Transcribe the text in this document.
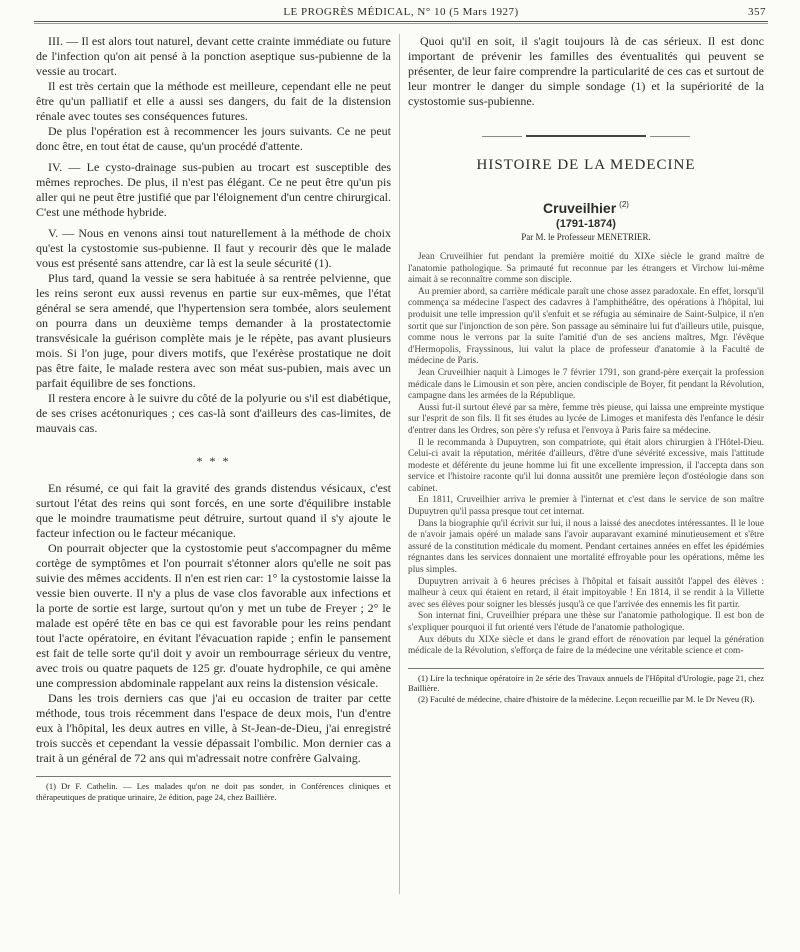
LE PROGRÈS MÉDICAL, N° 10 (5 Mars 1927)	357

III. — Il est alors tout naturel, devant cette crainte immédiate ou future de l'infection qu'on ait pensé à la ponction aseptique sus-pubienne de la vessie au trocart.

Il est très certain que la méthode est meilleure, cependant elle ne peut être qu'un palliatif et elle a aussi ses dangers, du fait de la distension rénale avec toutes ses conséquences futures.

De plus l'opération est à recommencer les jours suivants. Ce ne peut donc être, en tout état de cause, qu'un procédé d'attente.

IV. — Le cysto-drainage sus-pubien au trocart est susceptible des mêmes reproches. De plus, il n'est pas élégant. Ce ne peut être qu'un pis aller qui ne peut être justifié que par l'éloignement d'un centre chirurgical. C'est une méthode hybride.

V. — Nous en venons ainsi tout naturellement à la méthode de choix qu'est la cystostomie sus-pubienne. Il faut y recourir dès que le malade vous est présenté sans attendre, car là est la seule sécurité (1).

Plus tard, quand la vessie se sera habituée à sa rentrée pelvienne, que les reins seront eux aussi revenus en partie sur eux-mêmes, que l'état général se sera amendé, que l'hypertension sera tombée, alors seulement on pourra dans un deuxième temps demander à la prostatectomie transvésicale la guérison complète mais je le répète, pas avant plusieurs mois. Si l'on juge, pour divers motifs, que l'exérèse prostatique ne doit pas être faite, le malade restera avec son méat sus-pubien, mais avec un parfait équilibre de ses fonctions.

Il restera encore à le suivre du côté de la polyurie ou s'il est diabétique, de ses crises acétonuriques ; ces cas-là sont d'ailleurs des cas-limites, de mauvais cas.

* * *

En résumé, ce qui fait la gravité des grands distendus vésicaux, c'est surtout l'état des reins qui sont forcés, en une sorte d'équilibre instable que le moindre traumatisme peut détruire, surtout quand il s'y ajoute le facteur infection ou le facteur mécanique.

On pourrait objecter que la cystostomie peut s'accompagner du même cortège de symptômes et l'on pourrait s'étonner alors qu'elle ne soit pas suivie des mêmes accidents. Il n'en est rien car: 1° la cystostomie laisse la vessie bien ouverte. Il n'y a plus de vase clos favorable aux infections et la porte de sortie est large, surtout qu'on y met un tube de Freyer ; 2° le malade est opéré tête en bas ce qui est favorable pour les reins pendant tout l'acte opératoire, en évitant l'évacuation rapide ; enfin le pansement est fait de telle sorte qu'il doit y avoir un rembourrage sérieux du ventre, avec trois ou quatre paquets de 125 gr. d'ouate hydrophile, ce qui amène une compression abdominale rappelant aux reins la distension vésicale.

Dans les trois derniers cas que j'ai eu occasion de traiter par cette méthode, tous trois récemment dans l'espace de deux mois, l'un d'entre eux à l'hôpital, les deux autres en ville, à St-Jean-de-Dieu, j'ai enregistré trois succès et cependant la vessie dépassait l'ombilic. Mon dernier cas a trait à un général de 72 ans qui m'adressait notre confrère Galvaing.

(1) Dr F. Cathelin. — Les malades qu'on ne doit pas sonder, in Conférences cliniques et thérapeutiques de pratique urinaire, 2e édition, page 24, chez Baillière.

Quoi qu'il en soit, il s'agit toujours là de cas sérieux. Il est donc important de prévenir les familles des éventualités qui peuvent se présenter, de leur faire comprendre la particularité de ces cas et surtout de leur montrer le danger du simple sondage (1) et la supériorité de la cystostomie sus-pubienne.

HISTOIRE DE LA MEDECINE
Cruveilhier $^{(2)}$
(1791-1874)
Par M. le Professeur MENETRIER.

Jean Cruveilhier fut pendant la première moitié du XIXe siècle le grand maître de l'anatomie pathologique. Sa primauté fut reconnue par les étrangers et Virchow lui-même aimait à se reconnaître comme son disciple.

Au premier abord, sa carrière médicale paraît une chose assez paradoxale. En effet, lorsqu'il commença sa médecine l'aspect des cadavres à l'amphithéâtre, des opérations à l'hôpital, lui produisit une telle impression qu'il s'enfuit et se réfugia au séminaire de Saint-Sulpice, il n'en sortit que sur l'injonction de son père. Son passage au séminaire lui fut d'ailleurs utile, puisque, comme nous le verrons par la suite l'amitié d'un de ses anciens maîtres, Mgr. l'évêque d'Hermopolis, Frayssinous, lui valut la place de professeur d'anatomie à la Faculté de médecine de Paris.

Jean Cruveilhier naquit à Limoges le 7 février 1791, son grand-père exerçait la profession médicale dans le Limousin et son père, ancien condisciple de Boyer, fit pendant la Révolution, campagne dans les armées de la République.

Aussi fut-il surtout élevé par sa mère, femme très pieuse, qui laissa une empreinte mystique sur l'esprit de son fils. Il fit ses études au lycée de Limoges et manifesta dès l'enfance le désir d'entrer dans les Ordres, son père s'y refusa et l'envoya à Paris faire sa médecine.

Il le recommanda à Dupuytren, son compatriote, qui était alors chirurgien à l'Hôtel-Dieu. Celui-ci avait la réputation, méritée d'ailleurs, d'être d'une sévérité excessive, mais l'attitude modeste et déférente du jeune homme lui fit une excellente impression, il l'accepta dans son service et l'histoire raconte qu'il lui donna aussitôt une première leçon d'ostéologie dans son cabinet.

En 1811, Cruveilhier arriva le premier à l'internat et c'est dans le service de son maître Dupuytren qu'il passa presque tout cet internat.

Dans la biographie qu'il écrivit sur lui, il nous a laissé des anecdotes intéressantes. Il le loue de n'avoir jamais opéré un malade sans l'avoir auparavant examiné minutieusement et s'être assuré de la constitution médicale du moment. Pendant certaines années en effet les épidémies régnantes dans les services donnaient une mortalité effroyable pour les opérations, même les plus simples.

Dupuytren arrivait à 6 heures précises à l'hôpital et faisait aussitôt l'appel des élèves : malheur à ceux qui étaient en retard, il était impitoyable ! En 1814, il se rendit à la Villette avec ses élèves pour soigner les blessés jusqu'à ce que l'arrivée des ennemis les fit partir.

Son internat fini, Cruveilhier prépara une thèse sur l'anatomie pathologique. Il est bon de s'expliquer pourquoi il fut orienté vers l'étude de l'anatomie pathologique.

Aux débuts du XIXe siècle et dans le grand effort de rénovation par lequel la génération médicale de la Révolution, s'efforça de faire de la médecine une véritable science et com-

(1) Lire la technique opératoire in 2e série des Travaux annuels de l'Hôpital d'Urologie, page 21, chez Baillière.

(2) Faculté de médecine, chaire d'histoire de la médecine. Leçon recueillie par M. le Dr Neveu (R).
